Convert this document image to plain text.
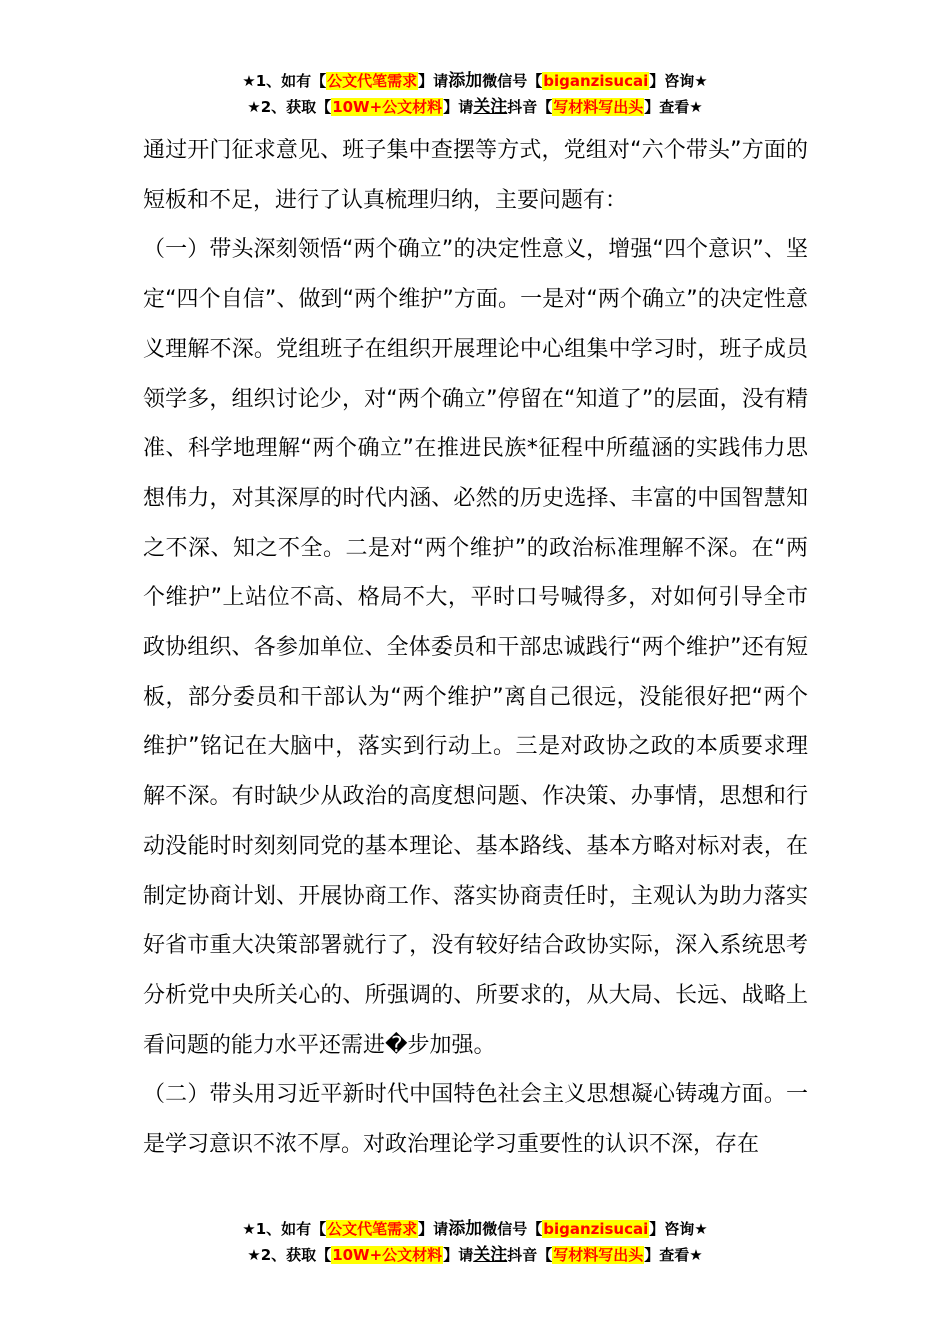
★1、如有【公文代笔需求】请添加微信号【biganzisucai】咨询★
★2、获取【10W+公文材料】请关注抖音【写材料写出头】查看★

通过开门征求意见、班子集中查摆等方式，党组对“六个带头”方面的短板和不足，进行了认真梳理归纳，主要问题有：

（一）带头深刻领悟“两个确立”的决定性意义，增强“四个意识”、坚定“四个自信”、做到“两个维护”方面。一是对“两个确立”的决定性意义理解不深。党组班子在组织开展理论中心组集中学习时，班子成员领学多，组织讨论少，对“两个确立”停留在“知道了”的层面，没有精准、科学地理解“两个确立”在推进民族*征程中所蕴涵的实践伟力思想伟力，对其深厚的时代内涵、必然的历史选择、丰富的中国智慧知之不深、知之不全。二是对“两个维护”的政治标准理解不深。在“两个维护”上站位不高、格局不大，平时口号喊得多，对如何引导全市政协组织、各参加单位、全体委员和干部忠诚践行“两个维护”还有短板，部分委员和干部认为“两个维护”离自己很远，没能很好把“两个维护”铭记在大脑中，落实到行动上。三是对政协之政的本质要求理解不深。有时缺少从政治的高度想问题、作决策、办事情，思想和行动没能时时刻刻同党的基本理论、基本路线、基本方略对标对表，在制定协商计划、开展协商工作、落实协商责任时，主观认为助力落实好省市重大决策部署就行了，没有较好结合政协实际，深入系统思考分析党中央所关心的、所强调的、所要求的，从大局、长远、战略上看问题的能力水平还需进�步加强。

（二）带头用习近平新时代中国特色社会主义思想凝心铸魂方面。一是学习意识不浓不厚。对政治理论学习重要性的认识不深，存在

★1、如有【公文代笔需求】请添加微信号【biganzisucai】咨询★
★2、获取【10W+公文材料】请关注抖音【写材料写出头】查看★
